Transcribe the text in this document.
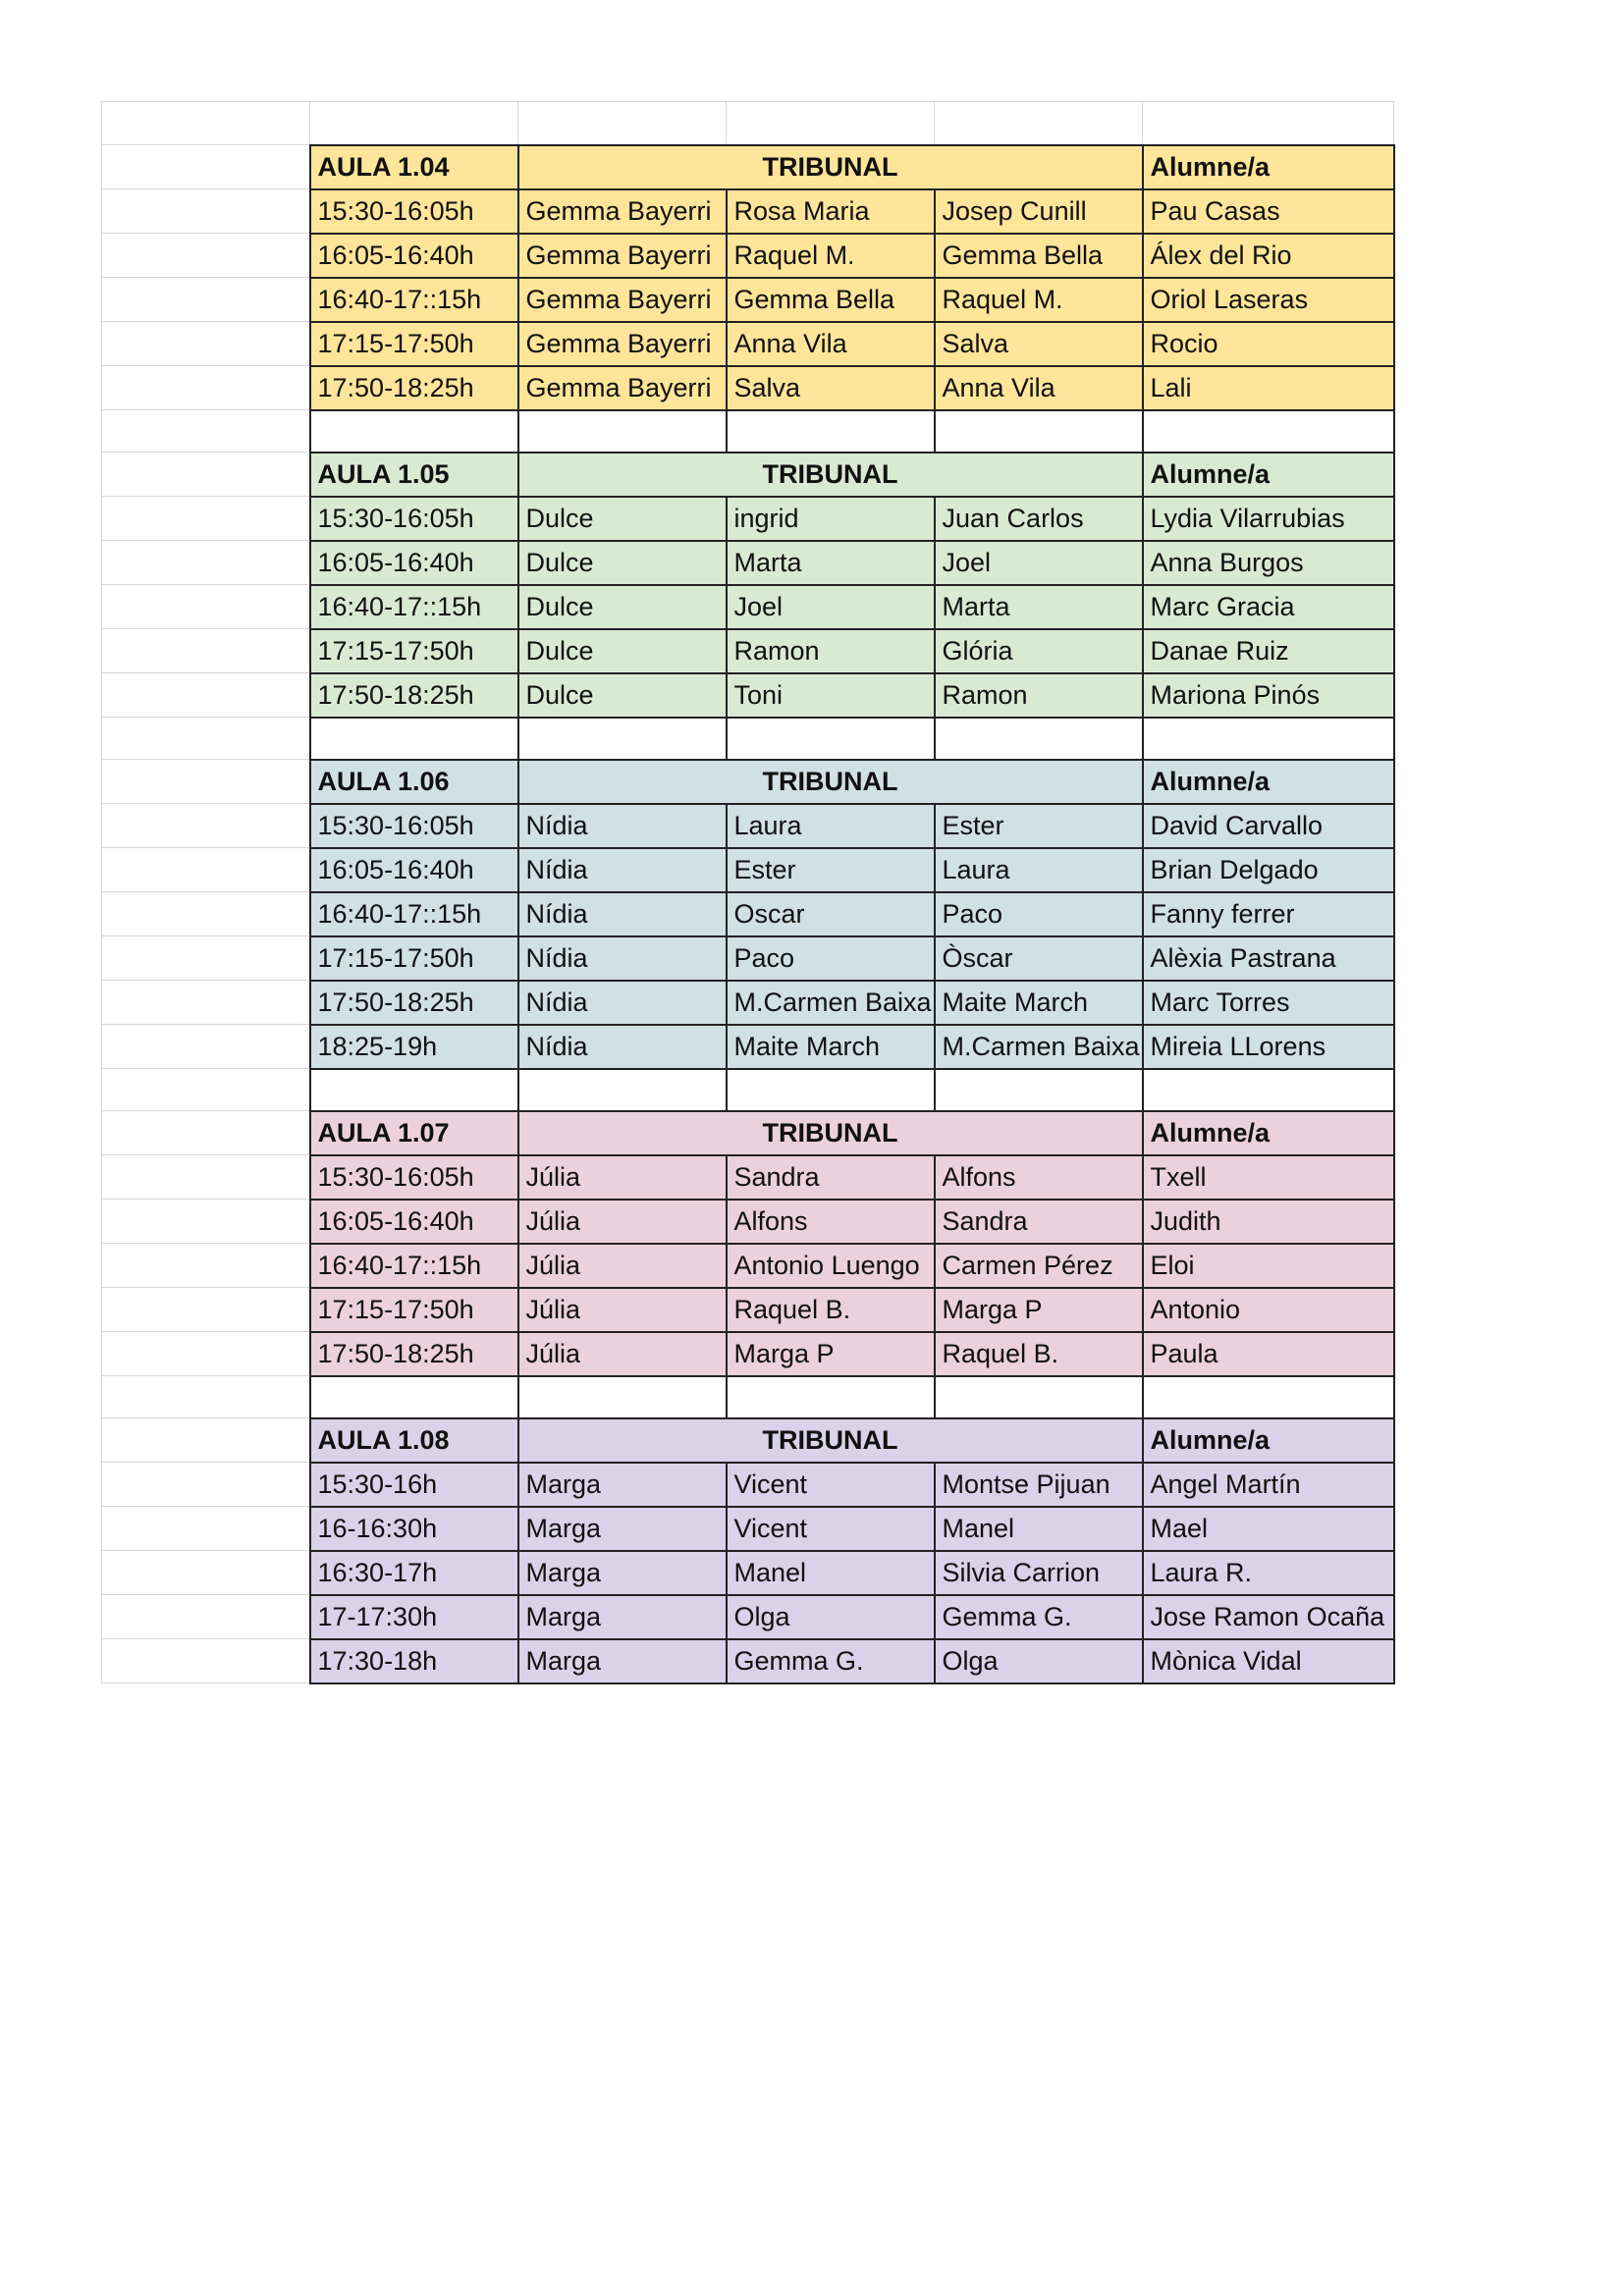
	AULA 1.04	TRIBUNAL			Alumne/a
	15:30-16:05h	Gemma Bayerri	Rosa Maria	Josep Cunill	Pau Casas
	16:05-16:40h	Gemma Bayerri	Raquel M.	Gemma Bella	Álex del Rio
	16:40-17::15h	Gemma Bayerri	Gemma Bella	Raquel M.	Oriol Laseras
	17:15-17:50h	Gemma Bayerri	Anna Vila	Salva	Rocio
	17:50-18:25h	Gemma Bayerri	Salva	Anna Vila	Lali

	AULA 1.05	TRIBUNAL			Alumne/a
	15:30-16:05h	Dulce	ingrid	Juan Carlos	Lydia Vilarrubias
	16:05-16:40h	Dulce	Marta	Joel	Anna Burgos
	16:40-17::15h	Dulce	Joel	Marta	Marc Gracia
	17:15-17:50h	Dulce	Ramon	Glória	Danae Ruiz
	17:50-18:25h	Dulce	Toni	Ramon	Mariona Pinós

	AULA 1.06	TRIBUNAL			Alumne/a
	15:30-16:05h	Nídia	Laura	Ester	David Carvallo
	16:05-16:40h	Nídia	Ester	Laura	Brian Delgado
	16:40-17::15h	Nídia	Oscar	Paco	Fanny ferrer
	17:15-17:50h	Nídia	Paco	Òscar	Alèxia Pastrana
	17:50-18:25h	Nídia	M.Carmen Baixa	Maite March	Marc Torres
	18:25-19h	Nídia	Maite March	M.Carmen Baixa	Mireia LLorens

	AULA 1.07	TRIBUNAL			Alumne/a
	15:30-16:05h	Júlia	Sandra	Alfons	Txell
	16:05-16:40h	Júlia	Alfons	Sandra	Judith
	16:40-17::15h	Júlia	Antonio Luengo	Carmen Pérez	Eloi
	17:15-17:50h	Júlia	Raquel B.	Marga P	Antonio
	17:50-18:25h	Júlia	Marga P	Raquel B.	Paula

	AULA 1.08	TRIBUNAL			Alumne/a
	15:30-16h	Marga	Vicent	Montse Pijuan	Angel Martín
	16-16:30h	Marga	Vicent	Manel	Mael
	16:30-17h	Marga	Manel	Silvia Carrion	Laura R.
	17-17:30h	Marga	Olga	Gemma G.	Jose Ramon Ocaña
	17:30-18h	Marga	Gemma G.	Olga	Mònica Vidal
